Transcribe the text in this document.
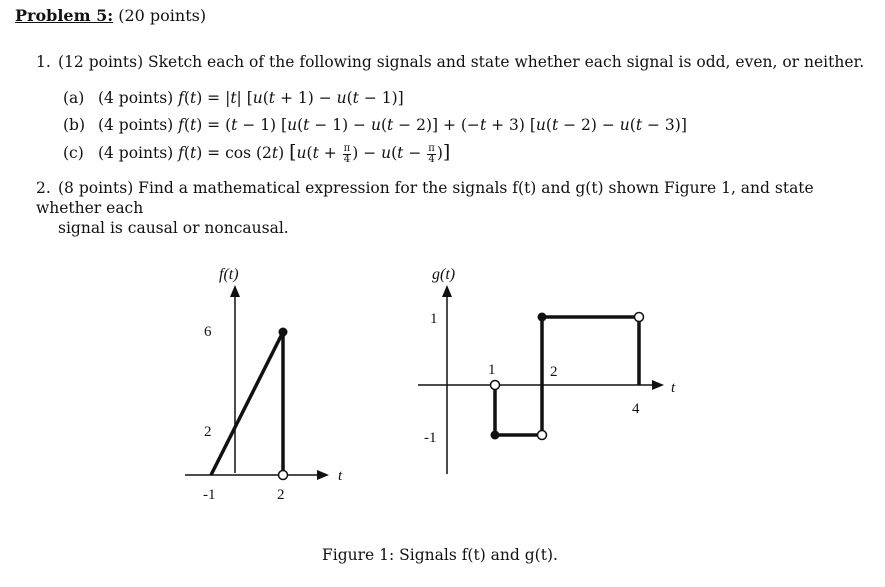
Problem 5: (20 points)
1. (12 points) Sketch each of the following signals and state whether each signal is odd, even, or neither.
(a) (4 points) f(t) = |t| [u(t + 1) − u(t − 1)]
(b) (4 points) f(t) = (t − 1) [u(t − 1) − u(t − 2)] + (−t + 3) [u(t − 2) − u(t − 3)]
(c) (4 points) f(t) = cos (2t) [$u(t + \frac{\pi}{4}$ ) − $u(t - \frac{\pi}{4}$ )]
2. (8 points) Find a mathematical expression for the signals f(t) and g(t) shown Figure 1, and state whether each
signal is causal or noncausal.
f(t)
t
6
2
-1	2
g(t)
t
1
-1
1	2
4
Figure 1: Signals f(t) and g(t).
